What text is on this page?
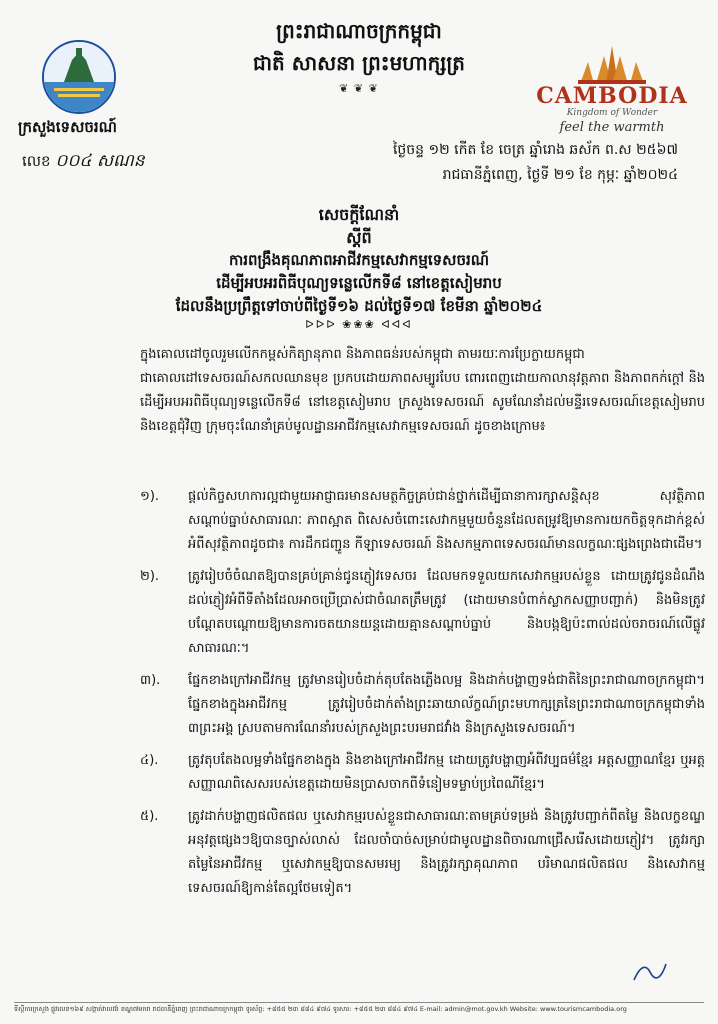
ព្រះរាជាណាចក្រកម្ពុជា
ជាតិ សាសនា ព្រះមហាក្សត្រ
❦ ❦ ❦
ក្រសួងទេសចរណ៍
លេខ ០០៤ សណន
CAMBODIA
Kingdom of Wonder
feel the warmth
ថ្ងៃចន្ទ ១២ កើត ខែ ចេត្រ ឆ្នាំរោង ឆស័ក ព.ស ២៥៦៧
រាជធានីភ្នំពេញ, ថ្ងៃទី ២១ ខែ កុម្ភៈ ឆ្នាំ២០២៤
សេចក្តីណែនាំ
ស្តីពី
ការពង្រឹងគុណភាពអាជីវកម្មសេវាកម្មទេសចរណ៍
ដើម្បីអបអរពិធីបុណ្យទន្លេលើកទី៨ នៅខេត្តសៀមរាប
ដែលនឹងប្រព្រឹត្តទៅចាប់ពីថ្ងៃទី១៦ ដល់ថ្ងៃទី១៧ ខែមីនា ឆ្នាំ២០២៤
ᐅᐅᐅ ❀❀❀ ᐊᐊᐊ
ក្នុងគោលដៅចូលរួមលើកកម្ពស់កិត្យានុភាព និងភាពធន់របស់កម្ពុជា តាមរយៈការប្រែក្លាយកម្ពុជា
ជាគោលដៅទេសចរណ៍សកលឈានមុខ ប្រកបដោយភាពសម្បូរបែប ពោរពេញដោយកាលានុវត្តភាព និងភាពកក់ក្តៅ និងដើម្បីអបអរពិធីបុណ្យទន្លេលើកទី៨ នៅខេត្តសៀមរាប ក្រសួងទេសចរណ៍ សូមណែនាំដល់មន្ទីរទេសចរណ៍ខេត្តសៀមរាប និងខេត្តជុំវិញ ក្រុមចុះណែនាំគ្រប់មូលដ្ឋានអាជីវកម្មសេវាកម្មទេសចរណ៍ ដូចខាងក្រោម៖
១).	ផ្តល់កិច្ចសហការល្អជាមួយអាជ្ញាធរមានសមត្ថកិច្ចគ្រប់ជាន់ថ្នាក់ដើម្បីធានាការក្សាសន្តិសុខ សុវត្ថិភាព សណ្តាប់ធ្នាប់សាធារណៈ ភាពស្អាត ពិសេសចំពោះសេវាកម្មមួយចំនួនដែលតម្រូវឱ្យមានការយកចិត្តទុកដាក់ខ្ពស់អំពីសុវត្ថិភាពដូចជា៖ ការដឹកជញ្ជូន កីឡាទេសចរណ៍ និងសកម្មភាពទេសចរណ៍មានលក្ខណៈផ្សងព្រេងជាដើម។
២).	ត្រូវរៀបចំចំណតឱ្យបានគ្រប់គ្រាន់ជូនភ្ញៀវទេសចរ ដែលមកទទួលយកសេវាកម្មរបស់ខ្លួន ដោយត្រូវជូនដំណឹងដល់ភ្ញៀវអំពីទីតាំងដែលអាចប្រើប្រាស់ជាចំណតត្រឹមត្រូវ (ដោយមានបំពាក់ស្លាកសញ្ញាបញ្ជាក់) និងមិនត្រូវបណ្តែតបណ្តោយឱ្យមានការចតយានយន្តដោយគ្មានសណ្តាប់ធ្នាប់ និងបង្កឱ្យប៉ះពាល់ដល់ចរាចរណ៍លើផ្លូវសាធារណៈ។
៣).	ផ្នែកខាងក្រៅអាជីវកម្ម ត្រូវមានរៀបចំដាក់តុបតែងភ្លើងលម្អ និងដាក់បង្ហាញទង់ជាតិនៃព្រះរាជាណាចក្រកម្ពុជា។ ផ្នែកខាងក្នុងអាជីវកម្ម ត្រូវរៀបចំដាក់តាំងព្រះឆាយាល័ក្ខណ៍ព្រះមហាក្សត្រនៃព្រះរាជាណាចក្រកម្ពុជាទាំង ៣ព្រះអង្គ ស្របតាមការណែនាំរបស់ក្រសួងព្រះបរមរាជវាំង និងក្រសួងទេសចរណ៍។
៤).	ត្រូវតុបតែងលម្អទាំងផ្នែកខាងក្នុង និងខាងក្រៅអាជីវកម្ម ដោយត្រូវបង្ហាញអំពីវប្បធម៌ខ្មែរ អត្តសញ្ញាណខ្មែរ ឬអត្តសញ្ញាណពិសេសរបស់ខេត្តដោយមិនប្រាសចាកពីទំនៀមទម្លាប់ប្រពៃណីខ្មែរ។
៥).	ត្រូវដាក់បង្ហាញផលិតផល ឬសេវាកម្មរបស់ខ្លួនជាសាធារណៈតាមគ្រប់ទម្រង់ និងត្រូវបញ្ជាក់ពីតម្លៃ និងលក្ខខណ្ឌអនុវត្តផ្សេងៗឱ្យបានច្បាស់លាស់ ដែលចាំបាច់សម្រាប់ជាមូលដ្ឋានពិចារណាជ្រើសរើសដោយភ្ញៀវ។ ត្រូវរក្សាតម្លៃនៃអាជីវកម្ម ឬសេវាកម្មឱ្យបានសមរម្យ និងត្រូវរក្សាគុណភាព បរិមាណផលិតផល និងសេវាកម្មទេសចរណ៍ឱ្យកាន់តែល្អថែមទៀត។
ទីស្តីការក្រសួង ផ្លូវលេខ១៦៩ សង្កាត់វាលវង់ ខណ្ឌ៧មករា រាជធានីភ្នំពេញ ព្រះរាជាណាចក្រកម្ពុជា ទូរស័ព្ទ: +៨៥៥ ២៣ ៨៨៤ ៩៧៤ ទូរសារ: +៨៥៥ ២៣ ៨៨៤ ៩៧៤ E-mail: admin@mot.gov.kh Website: www.tourismcambodia.org
